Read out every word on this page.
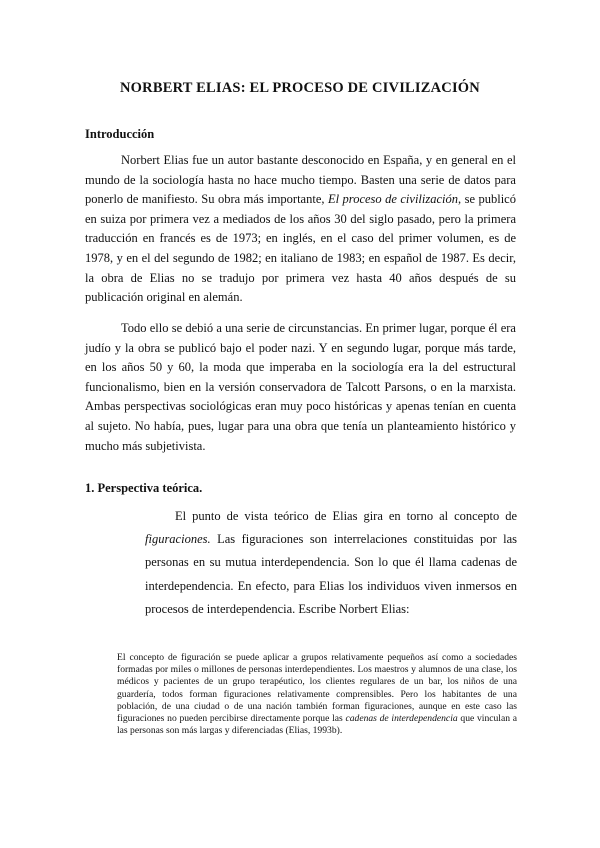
NORBERT ELIAS: EL PROCESO DE CIVILIZACIÓN
Introducción

Norbert Elias fue un autor bastante desconocido en España, y en general en el mundo de la sociología hasta no hace mucho tiempo. Basten una serie de datos para ponerlo de manifiesto. Su obra más importante, El proceso de civilización, se publicó en suiza por primera vez a mediados de los años 30 del siglo pasado, pero la primera traducción en francés es de 1973; en inglés, en el caso del primer volumen, es de 1978, y en el del segundo de 1982; en italiano de 1983; en español de 1987. Es decir, la obra de Elias no se tradujo por primera vez hasta 40 años después de su publicación original en alemán.

Todo ello se debió a una serie de circunstancias. En primer lugar, porque él era judío y la obra se publicó bajo el poder nazi. Y en segundo lugar, porque más tarde, en los años 50 y 60, la moda que imperaba en la sociología era la del estructural funcionalismo, bien en la versión conservadora de Talcott Parsons, o en la marxista. Ambas perspectivas sociológicas eran muy poco históricas y apenas tenían en cuenta al sujeto. No había, pues, lugar para una obra que tenía un planteamiento histórico y mucho más subjetivista.

1. Perspectiva teórica.

El punto de vista teórico de Elias gira en torno al concepto de figuraciones. Las figuraciones son interrelaciones constituidas por las personas en su mutua interdependencia. Son lo que él llama cadenas de interdependencia. En efecto, para Elias los individuos viven inmersos en procesos de interdependencia. Escribe Norbert Elias:

El concepto de figuración se puede aplicar a grupos relativamente pequeños así como a sociedades formadas por miles o millones de personas interdependientes. Los maestros y alumnos de una clase, los médicos y pacientes de un grupo terapéutico, los clientes regulares de un bar, los niños de una guardería, todos forman figuraciones relativamente comprensibles. Pero los habitantes de una población, de una ciudad o de una nación también forman figuraciones, aunque en este caso las figuraciones no pueden percibirse directamente porque las cadenas de interdependencia que vinculan a las personas son más largas y diferenciadas (Elias, 1993b).
